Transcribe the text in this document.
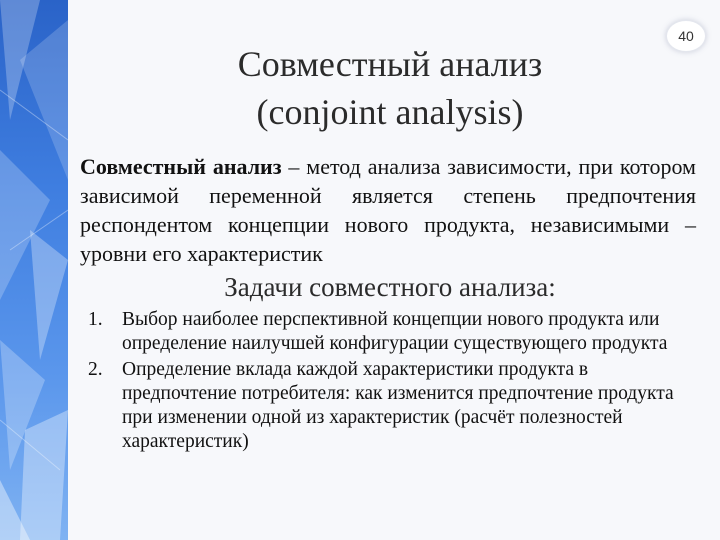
40
Совместный анализ
(conjoint analysis)
Совместный анализ – метод анализа зависимости, при котором зависимой переменной является степень предпочтения респондентом концепции нового продукта, независимыми – уровни его характеристик
Задачи совместного анализа:
1. Выбор наиболее перспективной концепции нового продукта или определение наилучшей конфигурации существующего продукта
2. Определение вклада каждой характеристики продукта в предпочтение потребителя: как изменится предпочтение продукта при изменении одной из характеристик (расчёт полезностей характеристик)
